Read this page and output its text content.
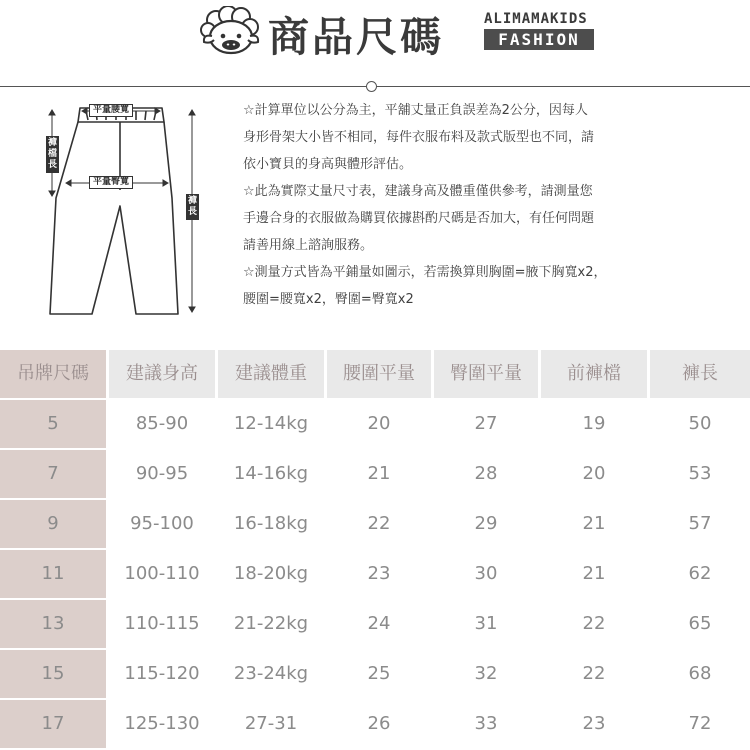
商品尺碼	ALIMAMAKIDS
FASHION
平量腰寬
平量臀寬
褲檔長
褲長
☆計算單位以公分為主，平舖丈量正負誤差為2公分，因每人
身形骨架大小皆不相同，每件衣服布料及款式版型也不同，請
依小寶貝的身高與體形評估。
☆此為實際丈量尺寸表，建議身高及體重僅供參考，請測量您
手邊合身的衣服做為購買依據斟酌尺碼是否加大，有任何問題
請善用線上諮詢服務。
☆測量方式皆為平鋪量如圖示，若需換算則胸圍=腋下胸寬x2，
腰圍=腰寬x2，臀圍=臀寬x2
吊牌尺碼	建議身高	建議體重	腰圍平量	臀圍平量	前褲檔	褲長
5	85-90	12-14kg	20	27	19	50
7	90-95	14-16kg	21	28	20	53
9	95-100	16-18kg	22	29	21	57
11	100-110	18-20kg	23	30	21	62
13	110-115	21-22kg	24	31	22	65
15	115-120	23-24kg	25	32	22	68
17	125-130	27-31	26	33	23	72
